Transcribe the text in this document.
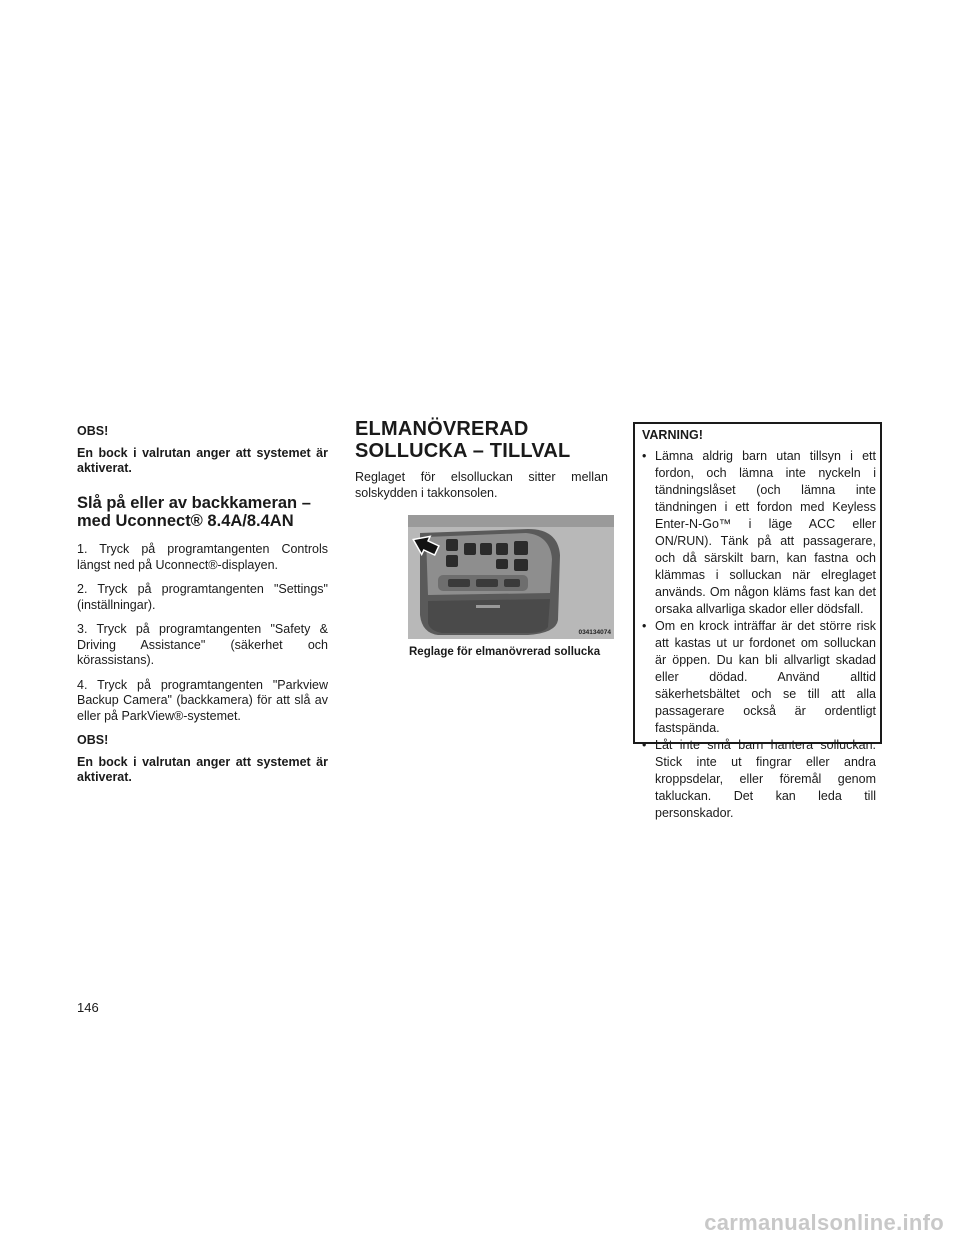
OBS!
En bock i valrutan anger att systemet är aktiverat.
Slå på eller av backkameran – med Uconnect® 8.4A/8.4AN

1. Tryck på programtangenten Controls längst ned på Uconnect®-displayen.

2. Tryck på programtangenten "Settings" (inställningar).

3. Tryck på programtangenten "Safety & Driving Assistance" (säkerhet och körassistans).

4. Tryck på programtangenten "Parkview Backup Camera" (backkamera) för att slå av eller på ParkView®-systemet.

OBS!
En bock i valrutan anger att systemet är aktiverat.
ELMANÖVRERAD SOLLUCKA – TILLVAL

Reglaget för elsolluckan sitter mellan solskydden i takkonsolen.

034134074
Reglage för elmanövrerad sollucka
VARNING!
• Lämna aldrig barn utan tillsyn i ett fordon, och lämna inte nyckeln i tändningslåset (och lämna inte tändningen i ett fordon med Keyless Enter-N-Go™ i läge ACC eller ON/RUN). Tänk på att passagerare, och då särskilt barn, kan fastna och klämmas i solluckan när elreglaget används. Om någon kläms fast kan det orsaka allvarliga skador eller dödsfall.
• Om en krock inträffar är det större risk att kastas ut ur fordonet om solluckan är öppen. Du kan bli allvarligt skadad eller dödad. Använd alltid säkerhetsbältet och se till att alla passagerare också är ordentligt fastspända.
• Låt inte små barn hantera solluckan. Stick inte ut fingrar eller andra kroppsdelar, eller föremål genom takluckan. Det kan leda till personskador.
146
carmanualsonline.info
